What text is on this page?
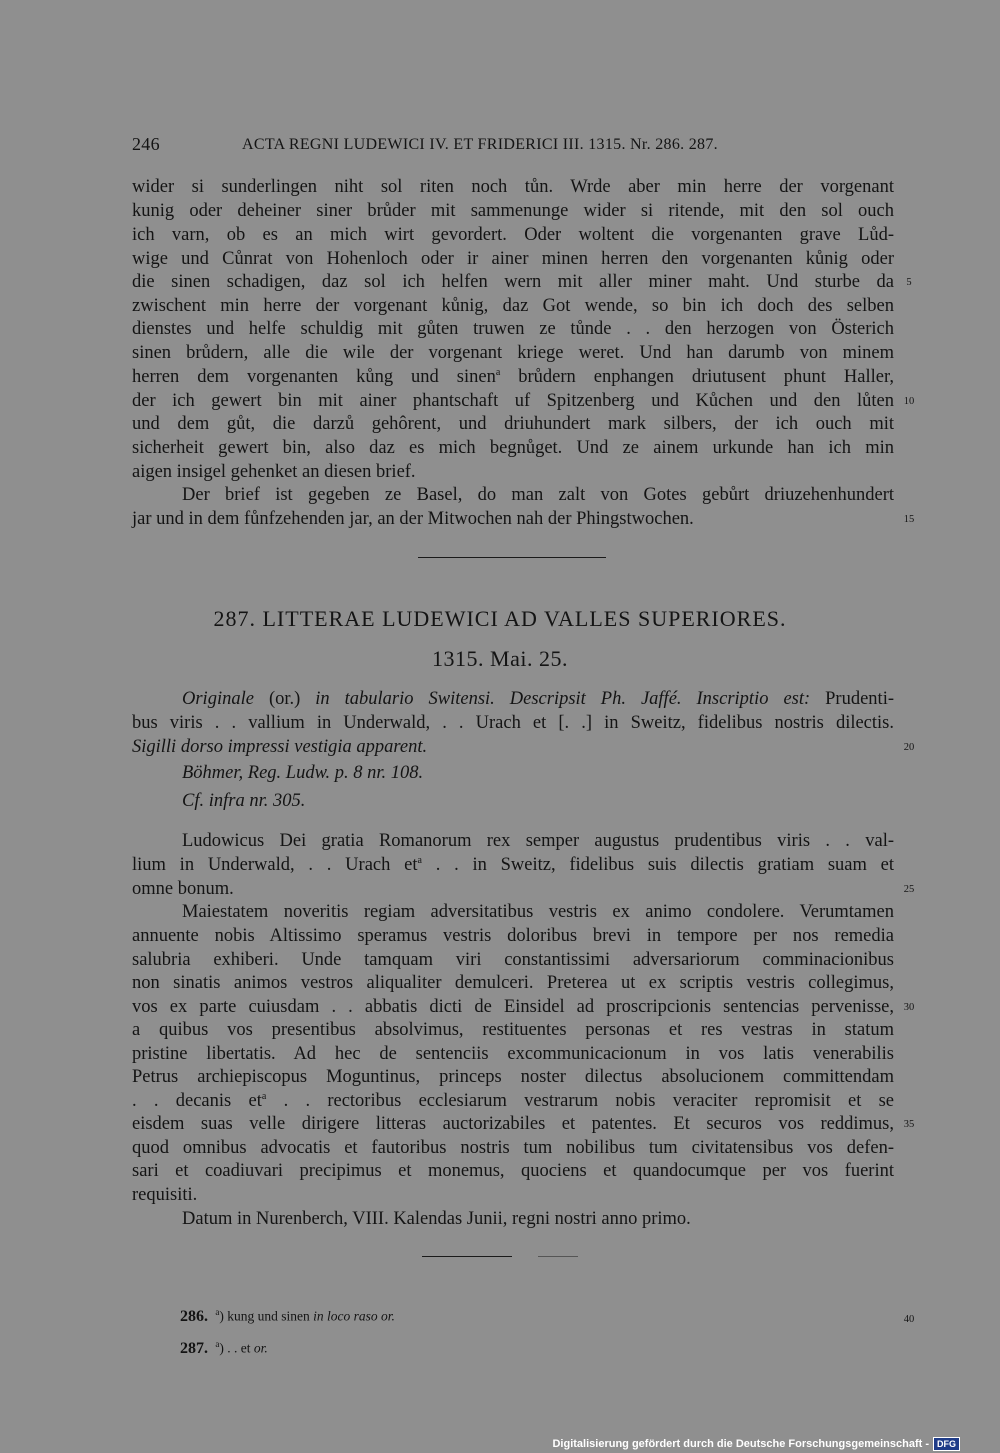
246	ACTA REGNI LUDEWICI IV. ET FRIDERICI III. 1315. Nr. 286. 287.
wider si sunderlingen niht sol riten noch tůn. Wrde aber min herre der vorgenant
kunig oder deheiner siner brůder mit sammenunge wider si ritende, mit den sol ouch
ich varn, ob es an mich wirt gevordert. Oder woltent die vorgenanten grave Lůd-
wige und Cůnrat von Hohenloch oder ir ainer minen herren den vorgenanten kůnig oder
die sinen schadigen, daz sol ich helfen wern mit aller miner maht. Und sturbe da
zwischent min herre der vorgenant kůnig, daz Got wende, so bin ich doch des selben
dienstes und helfe schuldig mit gůten truwen ze tůnde . . den herzogen von Österich
sinen brůdern, alle die wile der vorgenant kriege weret. Und han darumb von minem
herren dem vorgenanten kůng und sinen$^a$ brůdern enphangen driutusent phunt Haller,
der ich gewert bin mit ainer phantschaft uf Spitzenberg und Kůchen und den lůten
und dem gůt, die darzů gehôrent, und driuhundert mark silbers, der ich ouch mit
sicherheit gewert bin, also daz es mich begnůget. Und ze ainem urkunde han ich min
aigen insigel gehenket an diesen brief.
Der brief ist gegeben ze Basel, do man zalt von Gotes gebůrt driuzehenhundert
jar und in dem fůnfzehenden jar, an der Mitwochen nah der Phingstwochen.
5
10
15
287. LITTERAE LUDEWICI AD VALLES SUPERIORES.
1315. Mai. 25.
Originale (or.) in tabulario Switensi. Descripsit Ph. Jaffé. Inscriptio est: Prudenti-
bus viris . . vallium in Underwald, . . Urach et [. .] in Sweitz, fidelibus nostris dilectis.
Sigilli dorso impressi vestigia apparent.
Böhmer, Reg. Ludw. p. 8 nr. 108.
Cf. infra nr. 305.
Ludowicus Dei gratia Romanorum rex semper augustus prudentibus viris . . val-
lium in Underwald, . . Urach $et^a$ . . in Sweitz, fidelibus suis dilectis gratiam suam et
omne bonum.
Maiestatem noveritis regiam adversitatibus vestris ex animo condolere. Verumtamen
annuente nobis Altissimo speramus vestris doloribus brevi in tempore per nos remedia
salubria exhiberi. Unde tamquam viri constantissimi adversariorum comminacionibus
non sinatis animos vestros aliqualiter demulceri. Preterea ut ex scriptis vestris collegimus,
vos ex parte cuiusdam . . abbatis dicti de Einsidel ad proscripcionis sentencias pervenisse,
a quibus vos presentibus absolvimus, restituentes personas et res vestras in statum
pristine libertatis. Ad hec de sentenciis excommunicacionum in vos latis venerabilis
Petrus archiepiscopus Moguntinus, princeps noster dilectus absolucionem committendam
. . decanis $et^a$ . . rectoribus ecclesiarum vestrarum nobis veraciter repromisit et se
eisdem suas velle dirigere litteras auctorizabiles et patentes. Et securos vos reddimus,
quod omnibus advocatis et fautoribus nostris tum nobilibus tum civitatensibus vos defen-
sari et coadiuvari precipimus et monemus, quociens et quandocumque per vos fuerint
requisiti.
Datum in Nurenberch, VIII. Kalendas Junii, regni nostri anno primo.
20
25
30
35
286. $^a$) kung und sinen in loco raso or.
287. $^a$) . . et or.
40
Digitalisierung gefördert durch die Deutsche Forschungsgemeinschaft - DFG
